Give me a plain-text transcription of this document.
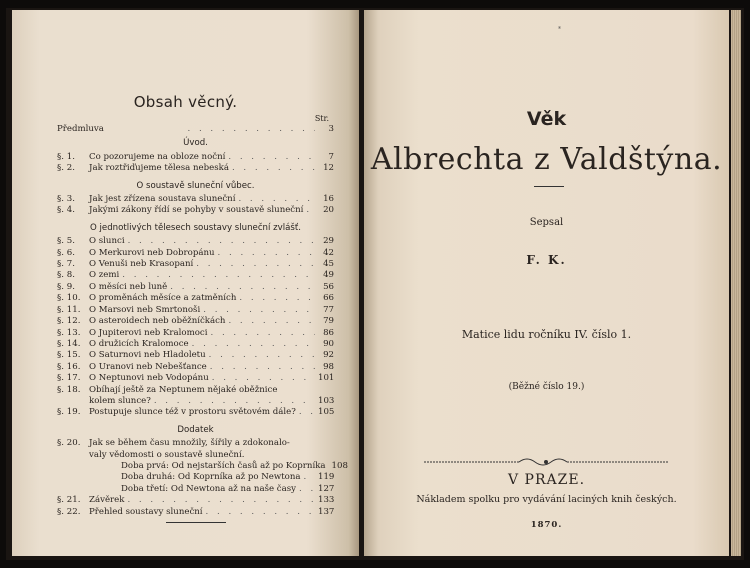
Obsah věcný.
Str.
Předmluva . . .	3
Úvod.
§. 1.	Co pozorujeme na obloze noční . . .	7
§. 2.	Jak roztřiďujeme tělesa nebeská . . .	12
O soustavě sluneční vůbec.
§. 3.	Jak jest zřízena soustava sluneční . . .	16
§. 4.	Jakými zákony řídí se pohyby v soustavě sluneční . . .	20
O jednotlivých tělesech soustavy sluneční zvlášť.
§. 5.	O slunci . . .	29
§. 6.	O Merkurovi neb Dobropánu . . .	42
§. 7.	O Venuši neb Krasopaní . . .	45
§. 8.	O zemi . . .	49
§. 9.	O měsíci neb luně . . .	56
§. 10. O proměnách měsíce a zatměních . . .	66
§. 11. O Marsovi neb Smrtonoši . . .	77
§. 12. O asteroidech neb oběžníčkách . . .	79
§. 13. O Jupiterovi neb Kralomoci . . .	86
§. 14. O družicích Kralomoce . . .	90
§. 15. O Saturnovi neb Hladoletu . . .	92
§. 16. O Uranovi neb Nebešťance . . .	98
§. 17. O Neptunovi neb Vodopánu . . .	101
§. 18. Obíhají ještě za Neptunem nějaké oběžnice
kolem slunce? . . .	103
§. 19. Postupuje slunce též v prostoru světovém dále? . . .	105
Dodatek
§. 20. Jak se během času množily, šířily a zdokonalo-
valy vědomosti o soustavě sluneční.
Doba prvá: Od nejstarších časů až po Koprníka 108
Doba druhá: Od Koprníka až po Newtona . . . 119
Doba třetí: Od Newtona až na naše časy . . .	127
§. 21. Závěrek . . .	133
§. 22. Přehled soustavy sluneční . . .	137
*
Věk
Albrechta z Valdštýna.
Sepsal
F. K.
Matice lidu ročníku IV. číslo 1.
(Běžné číslo 19.)
V PRAZE.
Nákladem spolku pro vydávání laciných knih českých.
1870.
